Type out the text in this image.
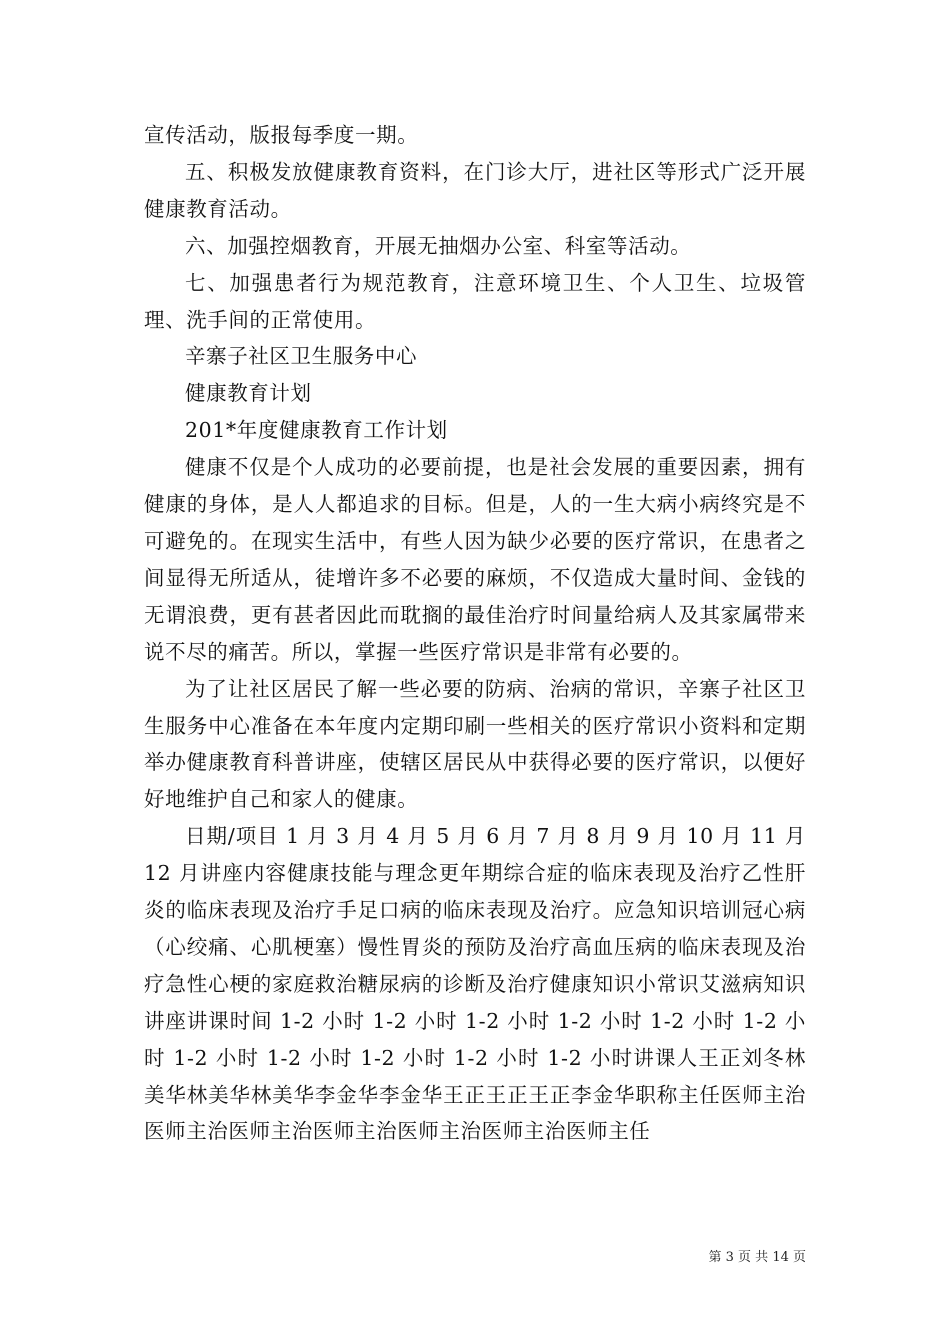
宣传活动，版报每季度一期。

五、积极发放健康教育资料，在门诊大厅，进社区等形式广泛开展健康教育活动。

六、加强控烟教育，开展无抽烟办公室、科室等活动。

七、加强患者行为规范教育，注意环境卫生、个人卫生、垃圾管理、洗手间的正常使用。

辛寨子社区卫生服务中心

健康教育计划

201*年度健康教育工作计划

健康不仅是个人成功的必要前提，也是社会发展的重要因素，拥有健康的身体，是人人都追求的目标。但是，人的一生大病小病终究是不可避免的。在现实生活中，有些人因为缺少必要的医疗常识，在患者之间显得无所适从，徒增许多不必要的麻烦，不仅造成大量时间、金钱的无谓浪费，更有甚者因此而耽搁的最佳治疗时间量给病人及其家属带来说不尽的痛苦。所以，掌握一些医疗常识是非常有必要的。

为了让社区居民了解一些必要的防病、治病的常识，辛寨子社区卫生服务中心准备在本年度内定期印刷一些相关的医疗常识小资料和定期举办健康教育科普讲座，使辖区居民从中获得必要的医疗常识，以便好好地维护自己和家人的健康。

日期/项目 1 月 3 月 4 月 5 月 6 月 7 月 8 月 9 月 10 月 11 月 12 月讲座内容健康技能与理念更年期综合症的临床表现及治疗乙性肝炎的临床表现及治疗手足口病的临床表现及治疗。应急知识培训冠心病（心绞痛、心肌梗塞）慢性胃炎的预防及治疗高血压病的临床表现及治疗急性心梗的家庭救治糖尿病的诊断及治疗健康知识小常识艾滋病知识讲座讲课时间 1-2 小时 1-2 小时 1-2 小时 1-2 小时 1-2 小时 1-2 小时 1-2 小时 1-2 小时 1-2 小时 1-2 小时 1-2 小时讲课人王正刘冬林美华林美华林美华李金华李金华王正王正王正李金华职称主任医师主治医师主治医师主治医师主治医师主治医师主治医师主任

第 3 页 共 14 页
